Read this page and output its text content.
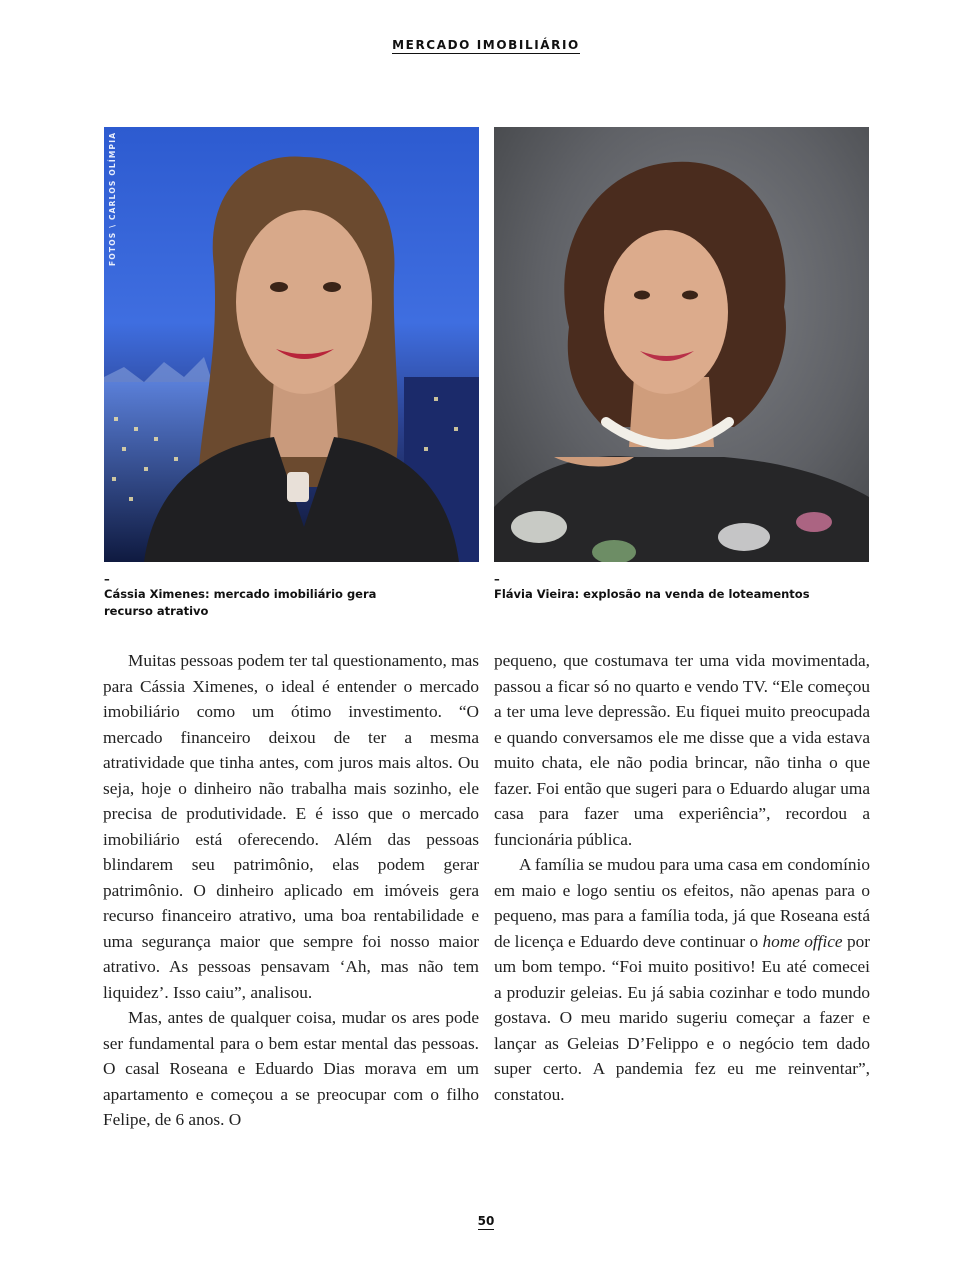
MERCADO IMOBILIÁRIO
FOTOS \ CARLOS OLÍMPIA
–
Cássia Ximenes: mercado imobiliário gera recurso atrativo
–
Flávia Vieira: explosão na venda de loteamentos

Muitas pessoas podem ter tal questionamento, mas para Cássia Ximenes, o ideal é entender o mercado imobiliário como um ótimo investimento. “O mercado financeiro deixou de ter a mesma atratividade que tinha antes, com juros mais altos. Ou seja, hoje o dinheiro não trabalha mais sozinho, ele precisa de produtividade. E é isso que o mercado imobiliário está oferecendo. Além das pessoas blindarem seu patrimônio, elas podem gerar patrimônio. O dinheiro aplicado em imóveis gera recurso financeiro atrativo, uma boa rentabilidade e uma segurança maior que sempre foi nosso maior atrativo. As pessoas pensavam ‘Ah, mas não tem liquidez’. Isso caiu”, analisou.

Mas, antes de qualquer coisa, mudar os ares pode ser fundamental para o bem estar mental das pessoas. O casal Roseana e Eduardo Dias morava em um apartamento e começou a se preocupar com o filho Felipe, de 6 anos. O

pequeno, que costumava ter uma vida movimentada, passou a ficar só no quarto e vendo TV. “Ele começou a ter uma leve depressão. Eu fiquei muito preocupada e quando conversamos ele me disse que a vida estava muito chata, ele não podia brincar, não tinha o que fazer. Foi então que sugeri para o Eduardo alugar uma casa para fazer uma experiência”, recordou a funcionária pública.

A família se mudou para uma casa em condomínio em maio e logo sentiu os efeitos, não apenas para o pequeno, mas para a família toda, já que Roseana está de licença e Eduardo deve continuar o home office por um bom tempo. “Foi muito positivo! Eu até comecei a produzir geleias. Eu já sabia cozinhar e todo mundo gostava. O meu marido sugeriu começar a fazer e lançar as Geleias D’Felippo e o negócio tem dado super certo. A pandemia fez eu me reinventar”, constatou.

50
